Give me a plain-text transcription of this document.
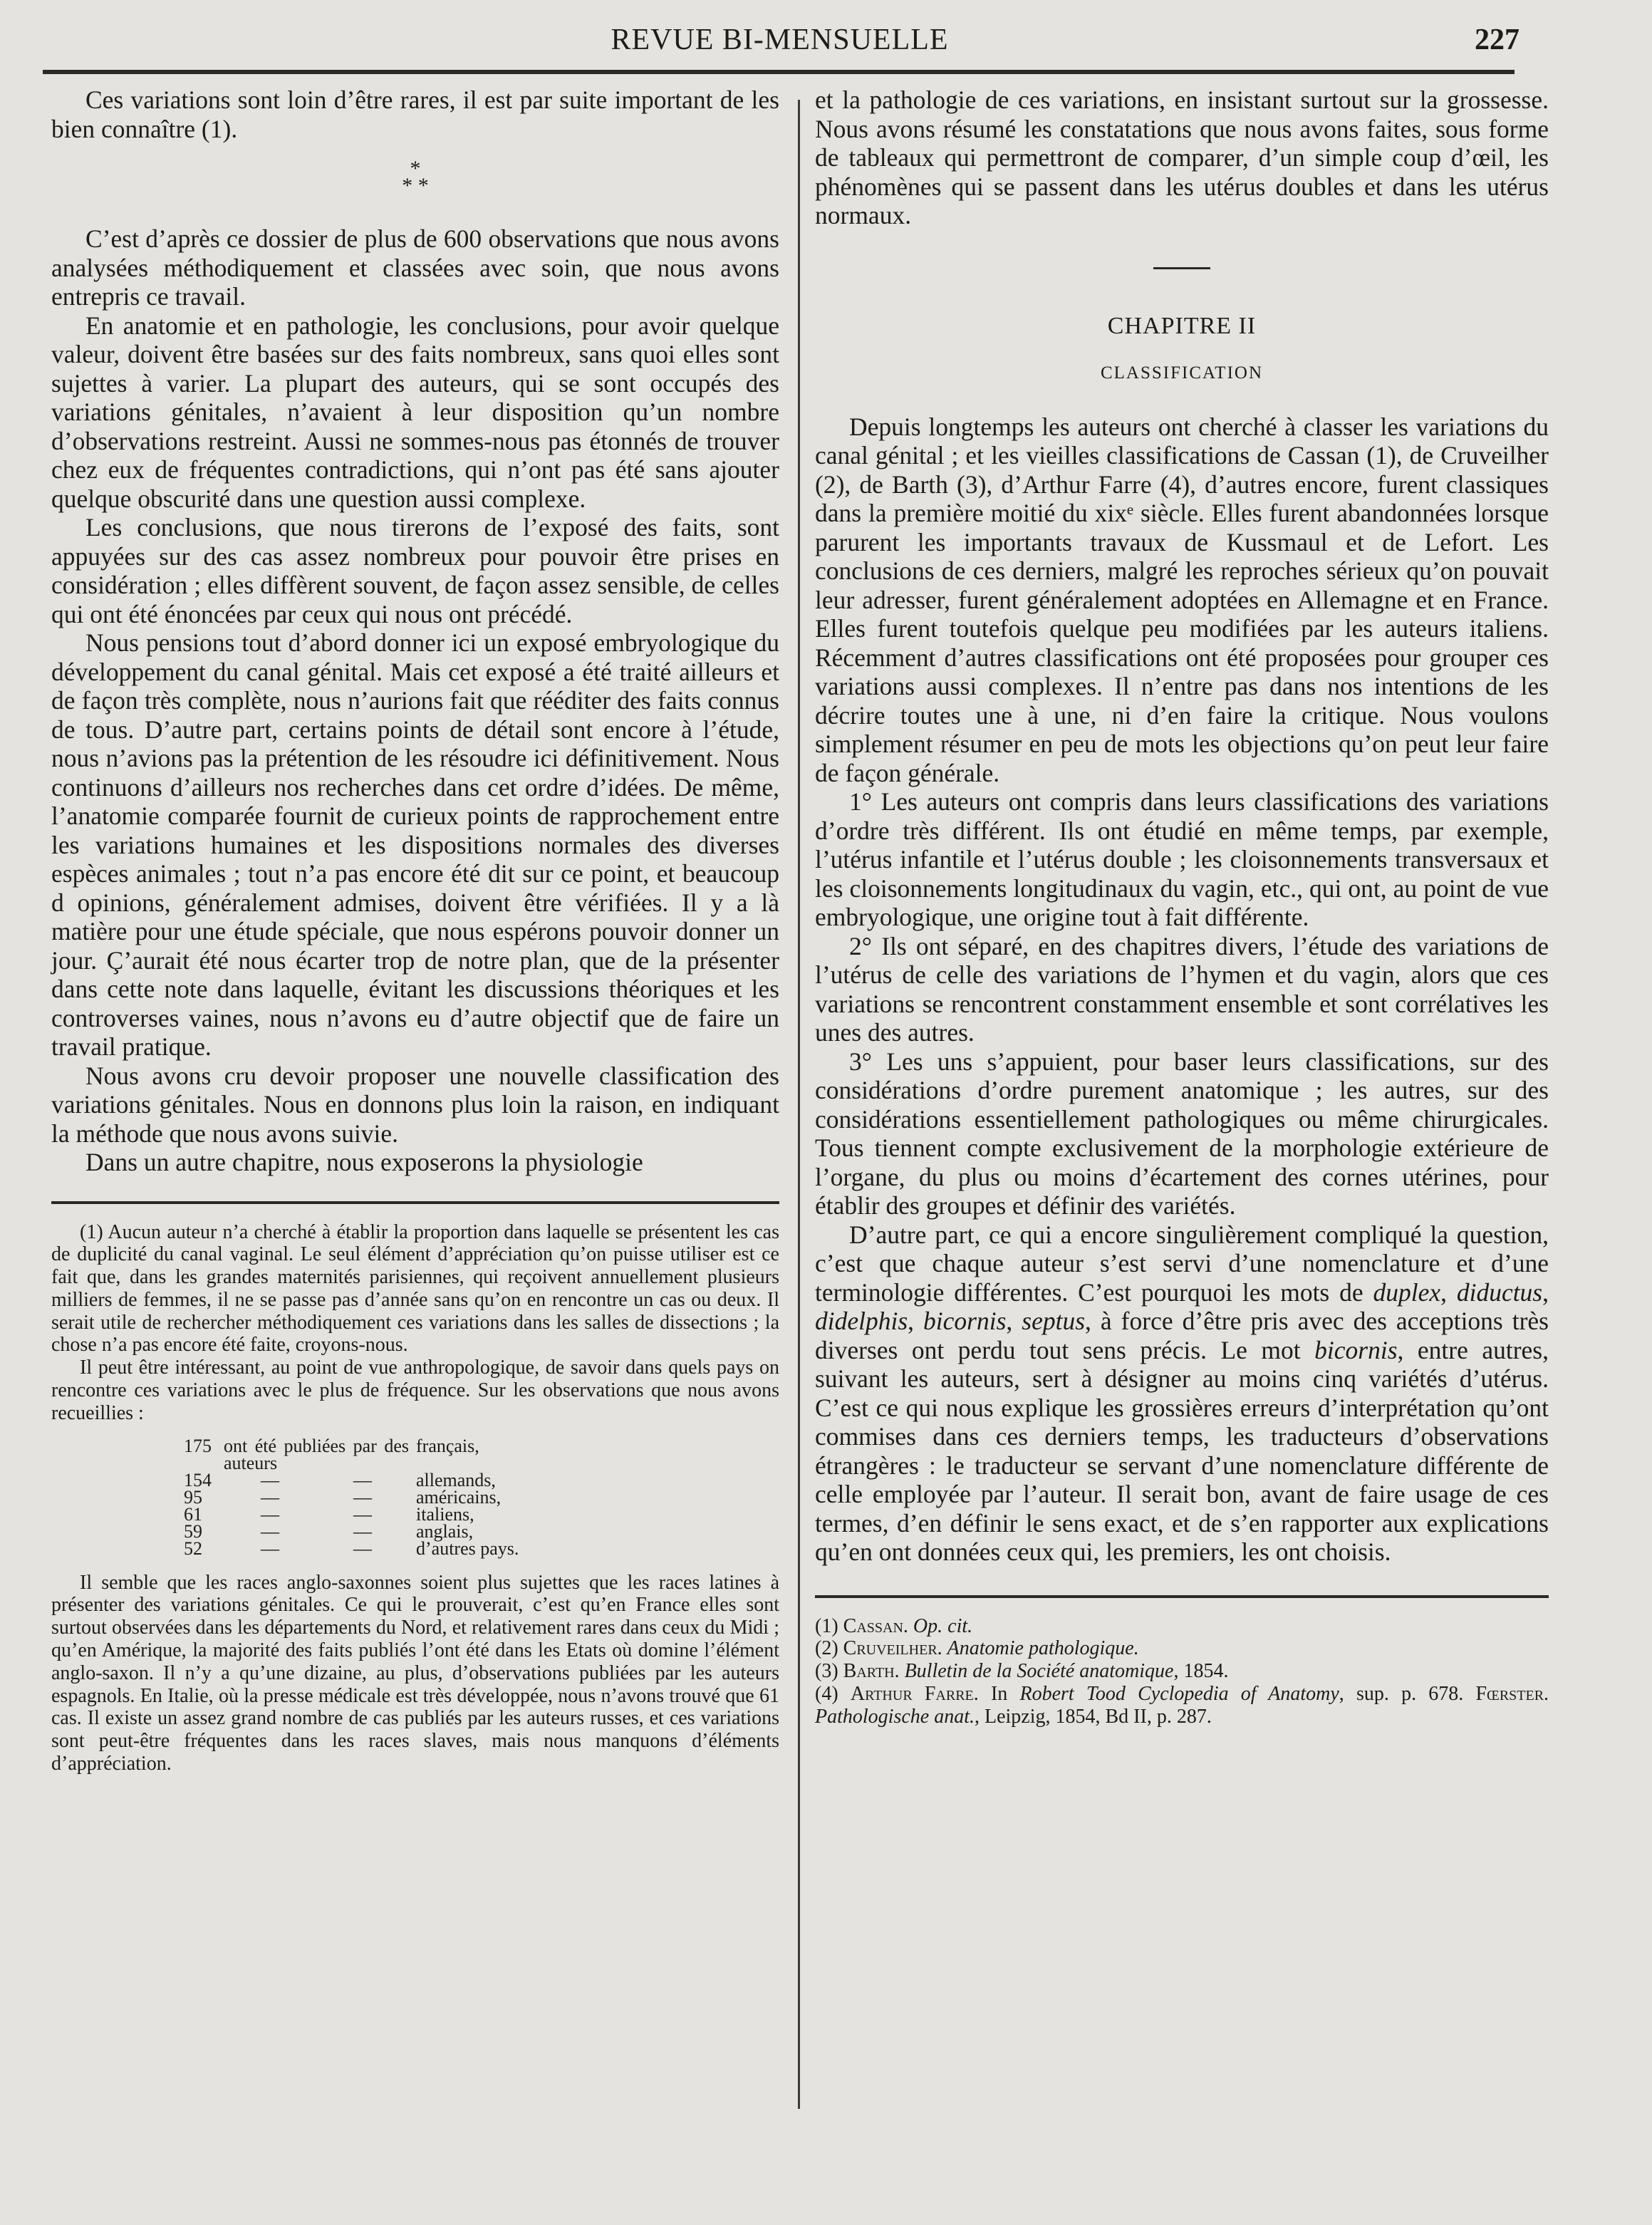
REVUE BI-MENSUELLE	227

Ces variations sont loin d’être rares, il est par suite important de les bien connaître (1).

*
* *

C’est d’après ce dossier de plus de 600 observations que nous avons analysées méthodiquement et classées avec soin, que nous avons entrepris ce travail.

En anatomie et en pathologie, les conclusions, pour avoir quelque valeur, doivent être basées sur des faits nombreux, sans quoi elles sont sujettes à varier. La plupart des auteurs, qui se sont occupés des variations génitales, n’avaient à leur disposition qu’un nombre d’observations restreint. Aussi ne sommes-nous pas étonnés de trouver chez eux de fréquentes contradictions, qui n’ont pas été sans ajouter quelque obscurité dans une question aussi complexe.

Les conclusions, que nous tirerons de l’exposé des faits, sont appuyées sur des cas assez nombreux pour pouvoir être prises en considération ; elles diffèrent souvent, de façon assez sensible, de celles qui ont été énoncées par ceux qui nous ont précédé.

Nous pensions tout d’abord donner ici un exposé embryologique du développement du canal génital. Mais cet exposé a été traité ailleurs et de façon très complète, nous n’aurions fait que rééditer des faits connus de tous. D’autre part, certains points de détail sont encore à l’étude, nous n’avions pas la prétention de les résoudre ici définitivement. Nous continuons d’ailleurs nos recherches dans cet ordre d’idées. De même, l’anatomie comparée fournit de curieux points de rapprochement entre les variations humaines et les dispositions normales des diverses espèces animales ; tout n’a pas encore été dit sur ce point, et beaucoup d opinions, généralement admises, doivent être vérifiées. Il y a là matière pour une étude spéciale, que nous espérons pouvoir donner un jour. Ç’aurait été nous écarter trop de notre plan, que de la présenter dans cette note dans laquelle, évitant les discussions théoriques et les controverses vaines, nous n’avons eu d’autre objectif que de faire un travail pratique.

Nous avons cru devoir proposer une nouvelle classification des variations génitales. Nous en donnons plus loin la raison, en indiquant la méthode que nous avons suivie.

Dans un autre chapitre, nous exposerons la physiologie

(1) Aucun auteur n’a cherché à établir la proportion dans laquelle se présentent les cas de duplicité du canal vaginal. Le seul élément d’appréciation qu’on puisse utiliser est ce fait que, dans les grandes maternités parisiennes, qui reçoivent annuellement plusieurs milliers de femmes, il ne se passe pas d’année sans qu’on en rencontre un cas ou deux. Il serait utile de rechercher méthodiquement ces variations dans les salles de dissections ; la chose n’a pas encore été faite, croyons-nous.

Il peut être intéressant, au point de vue anthropologique, de savoir dans quels pays on rencontre ces variations avec le plus de fréquence. Sur les observations que nous avons recueillies :

175	ont été publiées par des auteurs		français,
154	—	—	allemands,
95	—	—	américains,
61	—	—	italiens,
59	—	—	anglais,
52	—	—	d’autres pays.

Il semble que les races anglo-saxonnes soient plus sujettes que les races latines à présenter des variations génitales. Ce qui le prouverait, c’est qu’en France elles sont surtout observées dans les départements du Nord, et relativement rares dans ceux du Midi ; qu’en Amérique, la majorité des faits publiés l’ont été dans les Etats où domine l’élément anglo-saxon. Il n’y a qu’une dizaine, au plus, d’observations publiées par les auteurs espagnols. En Italie, où la presse médicale est très développée, nous n’avons trouvé que 61 cas. Il existe un assez grand nombre de cas publiés par les auteurs russes, et ces variations sont peut-être fréquentes dans les races slaves, mais nous manquons d’éléments d’appréciation.

et la pathologie de ces variations, en insistant surtout sur la grossesse. Nous avons résumé les constatations que nous avons faites, sous forme de tableaux qui permettront de comparer, d’un simple coup d’œil, les phénomènes qui se passent dans les utérus doubles et dans les utérus normaux.

CHAPITRE II
CLASSIFICATION

Depuis longtemps les auteurs ont cherché à classer les variations du canal génital ; et les vieilles classifications de Cassan (1), de Cruveilher (2), de Barth (3), d’Arthur Farre (4), d’autres encore, furent classiques dans la première moitié du xixᵉ siècle. Elles furent abandonnées lorsque parurent les importants travaux de Kussmaul et de Lefort. Les conclusions de ces derniers, malgré les reproches sérieux qu’on pouvait leur adresser, furent généralement adoptées en Allemagne et en France. Elles furent toutefois quelque peu modifiées par les auteurs italiens. Récemment d’autres classifications ont été proposées pour grouper ces variations aussi complexes. Il n’entre pas dans nos intentions de les décrire toutes une à une, ni d’en faire la critique. Nous voulons simplement résumer en peu de mots les objections qu’on peut leur faire de façon générale.

1° Les auteurs ont compris dans leurs classifications des variations d’ordre très différent. Ils ont étudié en même temps, par exemple, l’utérus infantile et l’utérus double ; les cloisonnements transversaux et les cloisonnements longitudinaux du vagin, etc., qui ont, au point de vue embryologique, une origine tout à fait différente.

2° Ils ont séparé, en des chapitres divers, l’étude des variations de l’utérus de celle des variations de l’hymen et du vagin, alors que ces variations se rencontrent constamment ensemble et sont corrélatives les unes des autres.

3° Les uns s’appuient, pour baser leurs classifications, sur des considérations d’ordre purement anatomique ; les autres, sur des considérations essentiellement pathologiques ou même chirurgicales. Tous tiennent compte exclusivement de la morphologie extérieure de l’organe, du plus ou moins d’écartement des cornes utérines, pour établir des groupes et définir des variétés.

D’autre part, ce qui a encore singulièrement compliqué la question, c’est que chaque auteur s’est servi d’une nomenclature et d’une terminologie différentes. C’est pourquoi les mots de duplex, diductus, didelphis, bicornis, septus, à force d’être pris avec des acceptions très diverses ont perdu tout sens précis. Le mot bicornis, entre autres, suivant les auteurs, sert à désigner au moins cinq variétés d’utérus. C’est ce qui nous explique les grossières erreurs d’interprétation qu’ont commises dans ces derniers temps, les traducteurs d’observations étrangères : le traducteur se servant d’une nomenclature différente de celle employée par l’auteur. Il serait bon, avant de faire usage de ces termes, d’en définir le sens exact, et de s’en rapporter aux explications qu’en ont données ceux qui, les premiers, les ont choisis.

(1) Cassan. Op. cit.

(2) Cruveilher. Anatomie pathologique.

(3) Barth. Bulletin de la Société anatomique, 1854.

(4) Arthur Farre. In Robert Tood Cyclopedia of Anatomy, sup. p. 678. Fœrster. Pathologische anat., Leipzig, 1854, Bd II, p. 287.
